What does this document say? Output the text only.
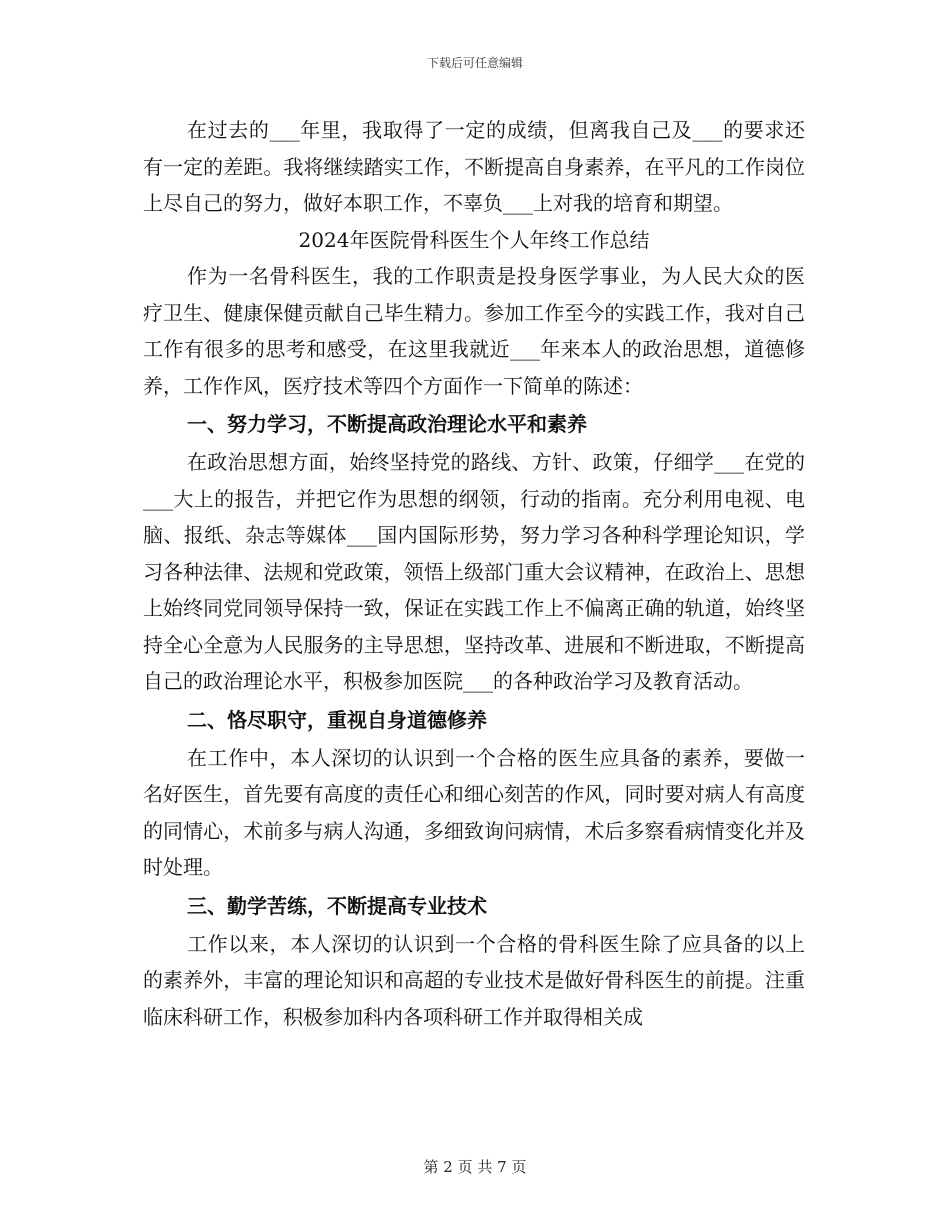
下载后可任意编辑

在过去的___年里，我取得了一定的成绩，但离我自己及___的要求还有一定的差距。我将继续踏实工作，不断提高自身素养，在平凡的工作岗位上尽自己的努力，做好本职工作，不辜负___上对我的培育和期望。

2024年医院骨科医生个人年终工作总结

作为一名骨科医生，我的工作职责是投身医学事业，为人民大众的医疗卫生、健康保健贡献自己毕生精力。参加工作至今的实践工作，我对自己工作有很多的思考和感受，在这里我就近___年来本人的政治思想，道德修养，工作作风，医疗技术等四个方面作一下简单的陈述：

一、努力学习，不断提高政治理论水平和素养

在政治思想方面，始终坚持党的路线、方针、政策，仔细学___在党的___大上的报告，并把它作为思想的纲领，行动的指南。充分利用电视、电脑、报纸、杂志等媒体___国内国际形势，努力学习各种科学理论知识，学习各种法律、法规和党政策，领悟上级部门重大会议精神，在政治上、思想上始终同党同领导保持一致，保证在实践工作上不偏离正确的轨道，始终坚持全心全意为人民服务的主导思想，坚持改革、进展和不断进取，不断提高自己的政治理论水平，积极参加医院___的各种政治学习及教育活动。

二、恪尽职守，重视自身道德修养

在工作中，本人深切的认识到一个合格的医生应具备的素养，要做一名好医生，首先要有高度的责任心和细心刻苦的作风，同时要对病人有高度的同情心，术前多与病人沟通，多细致询问病情，术后多察看病情变化并及时处理。

三、勤学苦练，不断提高专业技术

工作以来，本人深切的认识到一个合格的骨科医生除了应具备的以上的素养外，丰富的理论知识和高超的专业技术是做好骨科医生的前提。注重临床科研工作，积极参加科内各项科研工作并取得相关成

第 2 页 共 7 页
